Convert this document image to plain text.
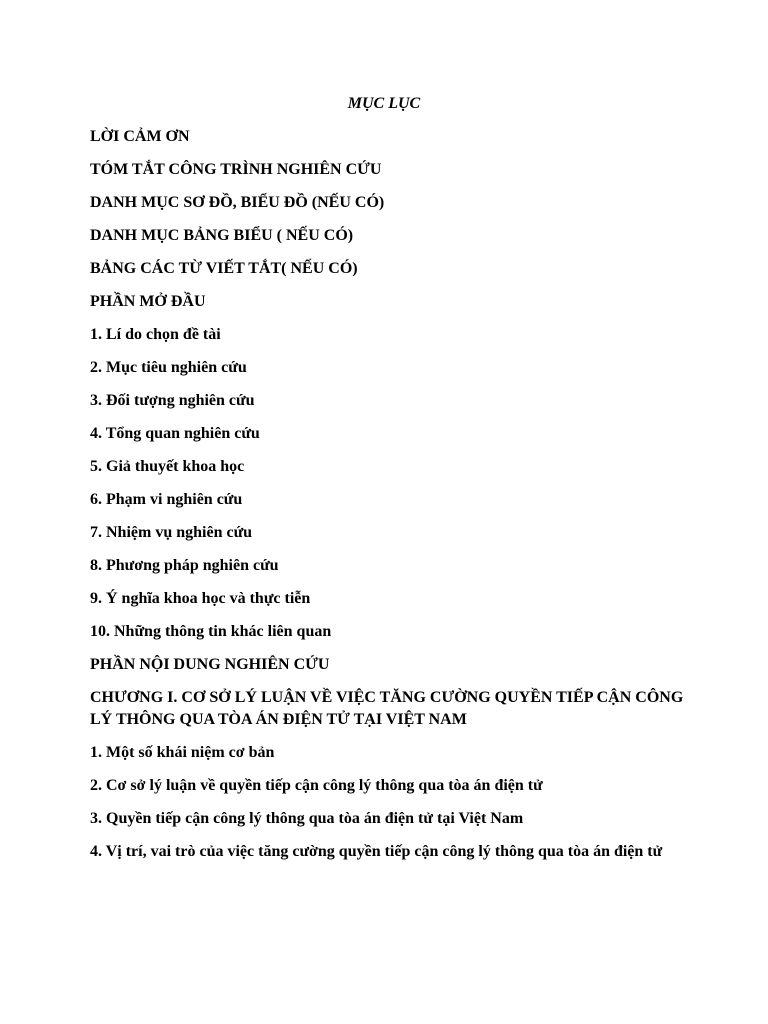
MỤC LỤC

LỜI CẢM ƠN
TÓM TẮT CÔNG TRÌNH NGHIÊN CỨU
DANH MỤC SƠ ĐỒ, BIỂU ĐỒ (NẾU CÓ)
DANH MỤC BẢNG BIỂU ( NẾU CÓ)
BẢNG CÁC TỪ VIẾT TẮT( NẾU CÓ)
PHẦN MỞ ĐẦU
1. Lí do chọn đề tài
2. Mục tiêu nghiên cứu
3. Đối tượng nghiên cứu
4. Tổng quan nghiên cứu
5. Giả thuyết khoa học
6. Phạm vi nghiên cứu
7. Nhiệm vụ nghiên cứu
8. Phương pháp nghiên cứu
9. Ý nghĩa khoa học và thực tiễn
10. Những thông tin khác liên quan
PHẦN NỘI DUNG NGHIÊN CỨU
CHƯƠNG I. CƠ SỞ LÝ LUẬN VỀ VIỆC TĂNG CƯỜNG QUYỀN TIẾP CẬN CÔNG LÝ THÔNG QUA TÒA ÁN ĐIỆN TỬ TẠI VIỆT NAM
1. Một số khái niệm cơ bản
2. Cơ sở lý luận về quyền tiếp cận công lý thông qua tòa án điện tử
3. Quyền tiếp cận công lý thông qua tòa án điện tử tại Việt Nam
4. Vị trí, vai trò của việc tăng cường quyền tiếp cận công lý thông qua tòa án điện tử
